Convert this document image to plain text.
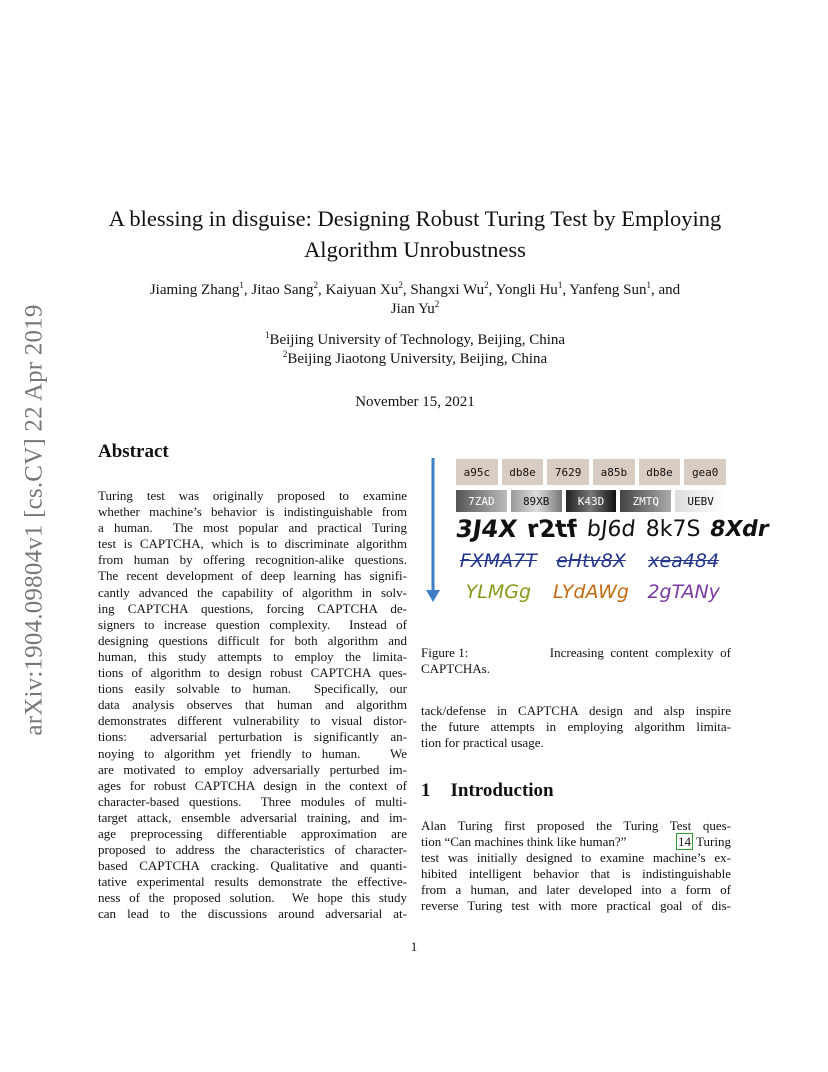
arXiv:1904.09804v1 [cs.CV] 22 Apr 2019
A blessing in disguise: Designing Robust Turing Test by Employing
Algorithm Unrobustness
Jiaming Zhang$^1$, Jitao Sang$^2$, Kaiyuan Xu$^2$, Shangxi Wu$^2$, Yongli Hu$^1$, Yanfeng Sun$^1$, and
Jian Yu$^2$
$^1$Beijing University of Technology, Beijing, China
$^2$Beijing Jiaotong University, Beijing, China
November 15, 2021
Abstract
Turing test was originally proposed to examine
whether machine’s behavior is indistinguishable from
a human.  The most popular and practical Turing
test is CAPTCHA, which is to discriminate algorithm
from human by offering recognition-alike questions.
The recent development of deep learning has signifi-
cantly advanced the capability of algorithm in solv-
ing CAPTCHA questions, forcing CAPTCHA de-
signers to increase question complexity.  Instead of
designing questions difficult for both algorithm and
human, this study attempts to employ the limita-
tions of algorithm to design robust CAPTCHA ques-
tions easily solvable to human.  Specifically, our
data analysis observes that human and algorithm
demonstrates different vulnerability to visual distor-
tions:  adversarial perturbation is significantly an-
noying to algorithm yet friendly to human.   We
are motivated to employ adversarially perturbed im-
ages for robust CAPTCHA design in the context of
character-based questions.  Three modules of multi-
target attack, ensemble adversarial training, and im-
age preprocessing differentiable approximation are
proposed to address the characteristics of character-
based CAPTCHA cracking. Qualitative and quanti-
tative experimental results demonstrate the effective-
ness of the proposed solution.  We hope this study
can lead to the discussions around adversarial at-
a95c	db8e	7629	a85b	db8e	gea0
7ZAD	89XB	K43D	ZMTQ	UEBV
3J4X r2tf bJ6d 8k7S 8Xdr
FXMA7T	eHtv8X	xea484
YLMGg	LYdAWg 2gTANy
Figure 1:	Increasing  content  complexity  of
CAPTCHAs.
tack/defense in CAPTCHA design and alsp inspire
the future attempts in employing algorithm limita-
tion for practical usage.
1 Introduction
Alan Turing first proposed the Turing Test ques-
tion “Can machines think like human?”	14 Turing
test was initially designed to examine machine’s ex-
hibited intelligent behavior that is indistinguishable
from a human, and later developed into a form of
reverse Turing test with more practical goal of dis-
1
